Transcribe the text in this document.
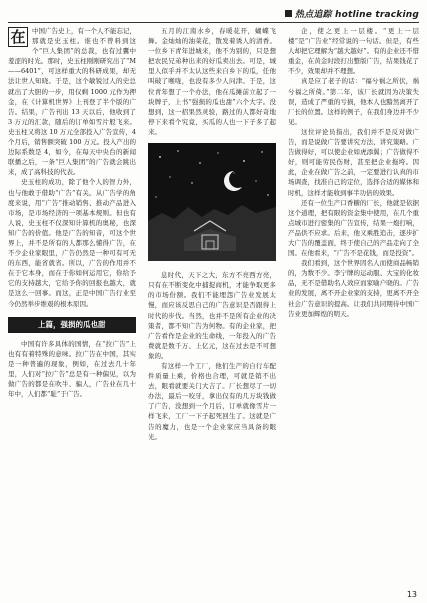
热点追踪 hotline tracking
在	中国广告史上，有一个人不能忘记，那就是史玉柱。谁也不曾料到这个“巨人集团”的总裁，也有过囊中羞涩的时光。那时，史玉柱刚刚研究出了“M——6401”，可这样重大的科研成果，却无法让世人知晓。于是，这个敏锐过人的史总就出了大胆的一步，用仅剩 1000 元作为押金，在《计算机世界》上刊登了半个版的广告。结果，广告刊出 13 天以后，他收到了 3 万元的汇款，随后的订单如雪片般飞来。史玉柱又将这 10 万元全部投入广告宣传，4 个月后，销售额突破 100 万元。投入产出的边际系数是 4，如今，在每天中央台的新闻联播之后，一条“巨人集团”的广告就会跳出来，成了高科技的代表。

史玉柱的成功，除了他个人的智力外，也与他敢于借助“广告”有关。从广告学的角度来说，用“广告”推动销售、推动产品进入市场，是市场经济的一项基本规则。但也有人说，史玉柱不仅深知计算机的奥秘，也深知广告的价值。他是广告的知音，可这个世界上，并不是所有的人都那么懂得广告，在不少企业家眼里，广告仍然是一种可有可无的东西，能省就省。所以，广告的作用并不在于它本身，而在于你如何运用它，你给予它的支持越大，它给予你的回报也越大，就是这么一回事。而这，正是中国广告行业至今仍然举步维艰的根本原因。

上篇，强损的瓜也甜

中国有许多具体的国情，在“拉广告”上也有有着特殊的意味。拉广告在中国，其实是一种普遍的现象，例如，在过去几十年里，人们对“拉广告”总是有一种偏见，以为做广告的都是在吹牛、骗人，广告业在几十年中，人们都“耻”于广告。

五月的江南水乡，春暖花开，蝴蝶飞舞。金灿灿的油菜花，散发着诱人的清香。一位乡下青年进城来，他不为别的，只是想把农民兄弟种出来的好瓜卖出去。可是，城里人似乎并不太认这些来自乡下的瓜，任他叫破了喉咙，也没有多少人问津。于是，这位青年想了一个办法，他在瓜摊前立起了一块牌子，上书“强损的瓜也甜”六个大字。没想到，这一招果然灵验，路过的人都好奇地停下来看个究竟，买瓜的人也一下子多了起来。

息时代，天下之大，东方不亮西方亮，只有在不断变化中捕捉商机，才能争取更多的市场份额。我们不能埋怨广告业发展太慢，而应该反思自己的广告意识是否跟得上时代的步伐。当然，也并不是所有企业的决策者，都不知广告为何物。有的企业家，把广告看作是企业的生命线，一年投入的广告费就是数千万、上亿元，这在过去是不可想象的。

有这样一个工厂，他们生产的自行车配件质量上乘，价格也合理，可就是销不出去，眼看就要关门大吉了。厂长想尽了一切办法，最后一咬牙，拿出仅有的几万块钱做了广告，没想到一个月后，订单就像雪片一样飞来，工厂一下子起死回生了。这就是广告的魔力，也是一个企业家应当具备的眼光。

企，使之更上一层楼。“更上一层楼”是“广告业”经常说的一句话。但是，有些人却把它理解为“越大越好”。有的企业还不惜重金，在黄金时段打出整版广告，结果钱花了不少，效果却并不理想。

真是应了老子的话：“福兮祸之所伏，祸兮福之所倚。”第二年，该厂长就因为决策失误，造成了严重的亏损，他本人也黯然离开了厂长的位置。这样的例子，在我们身边并不少见。

这位评论员指出，我们并不是反对做广告，而是说做广告要讲究方法、讲究策略。广告做得好，可以使企业如虎添翼；广告做得不好，则可能劳民伤财，甚至把企业拖垮。因此，企业在做广告之前，一定要进行认真的市场调查，找准自己的定位，选择合适的媒体和时机，这样才能收到事半功倍的效果。

还有一位生产口香糖的厂长，他就是依据这个道理，把有限的资金集中使用，在几个重点城市进行密集的广告宣传，结果一炮打响，产品供不应求。后来，他又乘胜追击，逐步扩大广告的覆盖面，终于使自己的产品走向了全国。在他看来，“广告不是花钱，而是投资”。

我们看到，这个世界因名人而使商品畅销的，为数不少。李宁牌的运动服、大宝的化妆品，无不是借助名人效应而家喻户晓的。广告业的发展，离不开企业家的支持，更离不开全社会广告意识的提高。让我们共同期待中国广告业更加辉煌的明天。

13
